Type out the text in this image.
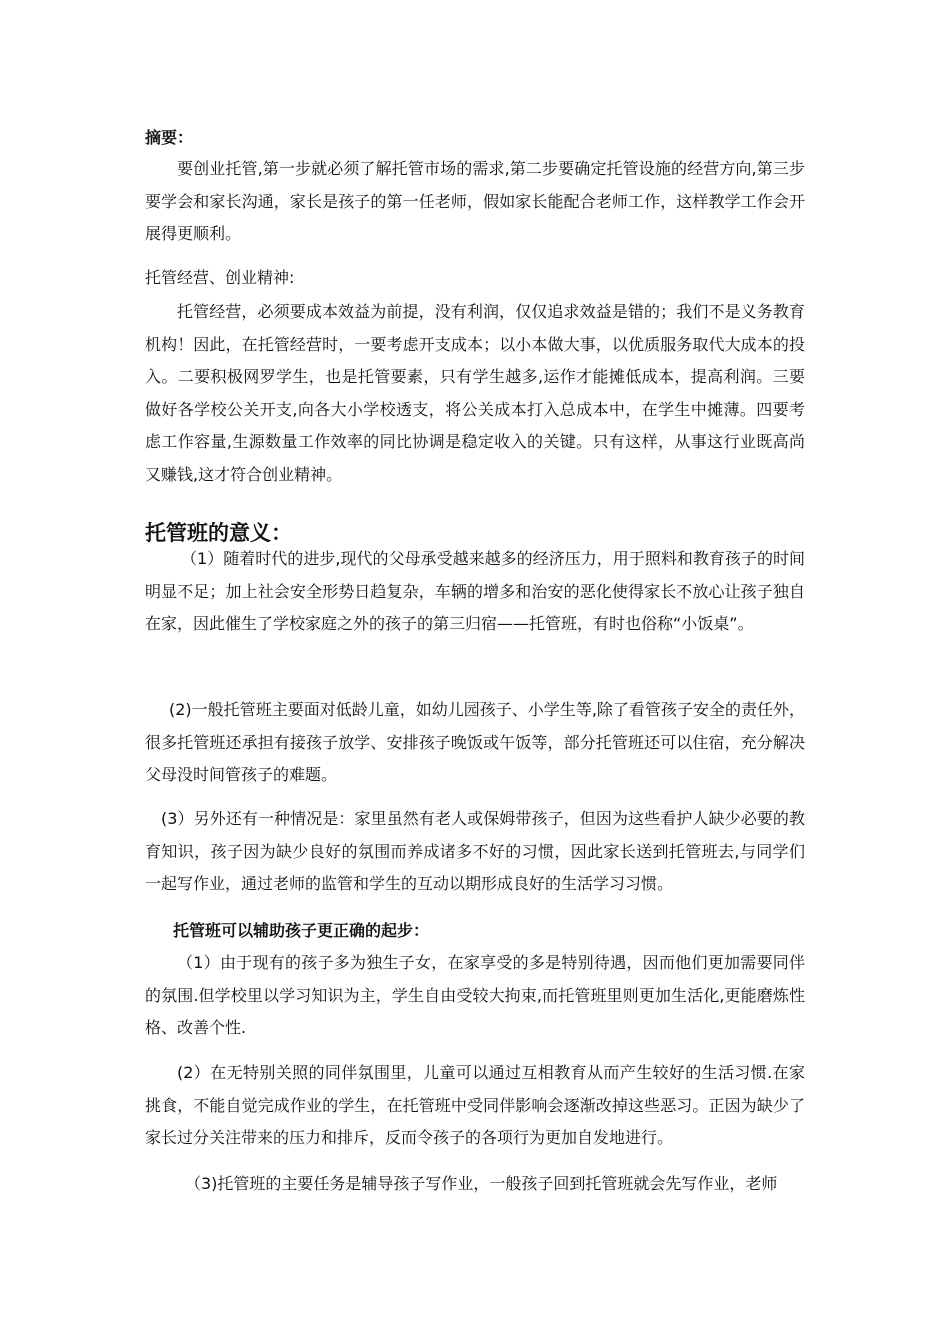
摘要：
要创业托管,第一步就必须了解托管市场的需求,第二步要确定托管设施的经营方向,第三步要学会和家长沟通，家长是孩子的第一任老师，假如家长能配合老师工作，这样教学工作会开展得更顺利。
托管经营、创业精神:
托管经营，必须要成本效益为前提，没有利润，仅仅追求效益是错的；我们不是义务教育机构！因此，在托管经营时，一要考虑开支成本；以小本做大事，以优质服务取代大成本的投入。二要积极网罗学生，也是托管要素，只有学生越多,运作才能摊低成本，提高利润。三要做好各学校公关开支,向各大小学校透支，将公关成本打入总成本中，在学生中摊薄。四要考虑工作容量,生源数量工作效率的同比协调是稳定收入的关键。只有这样，从事这行业既高尚又赚钱,这才符合创业精神。
托管班的意义：
（1）随着时代的进步,现代的父母承受越来越多的经济压力，用于照料和教育孩子的时间明显不足；加上社会安全形势日趋复杂，车辆的增多和治安的恶化使得家长不放心让孩子独自在家，因此催生了学校家庭之外的孩子的第三归宿——托管班，有时也俗称“小饭桌”。
(2)一般托管班主要面对低龄儿童，如幼儿园孩子、小学生等,除了看管孩子安全的责任外，很多托管班还承担有接孩子放学、安排孩子晚饭或午饭等，部分托管班还可以住宿，充分解决父母没时间管孩子的难题。
(3）另外还有一种情况是：家里虽然有老人或保姆带孩子，但因为这些看护人缺少必要的教育知识，孩子因为缺少良好的氛围而养成诸多不好的习惯，因此家长送到托管班去,与同学们一起写作业，通过老师的监管和学生的互动以期形成良好的生活学习习惯。
托管班可以辅助孩子更正确的起步：
（1）由于现有的孩子多为独生子女，在家享受的多是特别待遇，因而他们更加需要同伴的氛围.但学校里以学习知识为主，学生自由受较大拘束,而托管班里则更加生活化,更能磨炼性格、改善个性.
(2）在无特别关照的同伴氛围里，儿童可以通过互相教育从而产生较好的生活习惯.在家挑食，不能自觉完成作业的学生，在托管班中受同伴影响会逐渐改掉这些恶习。正因为缺少了家长过分关注带来的压力和排斥，反而令孩子的各项行为更加自发地进行。
（3)托管班的主要任务是辅导孩子写作业，一般孩子回到托管班就会先写作业，老师
